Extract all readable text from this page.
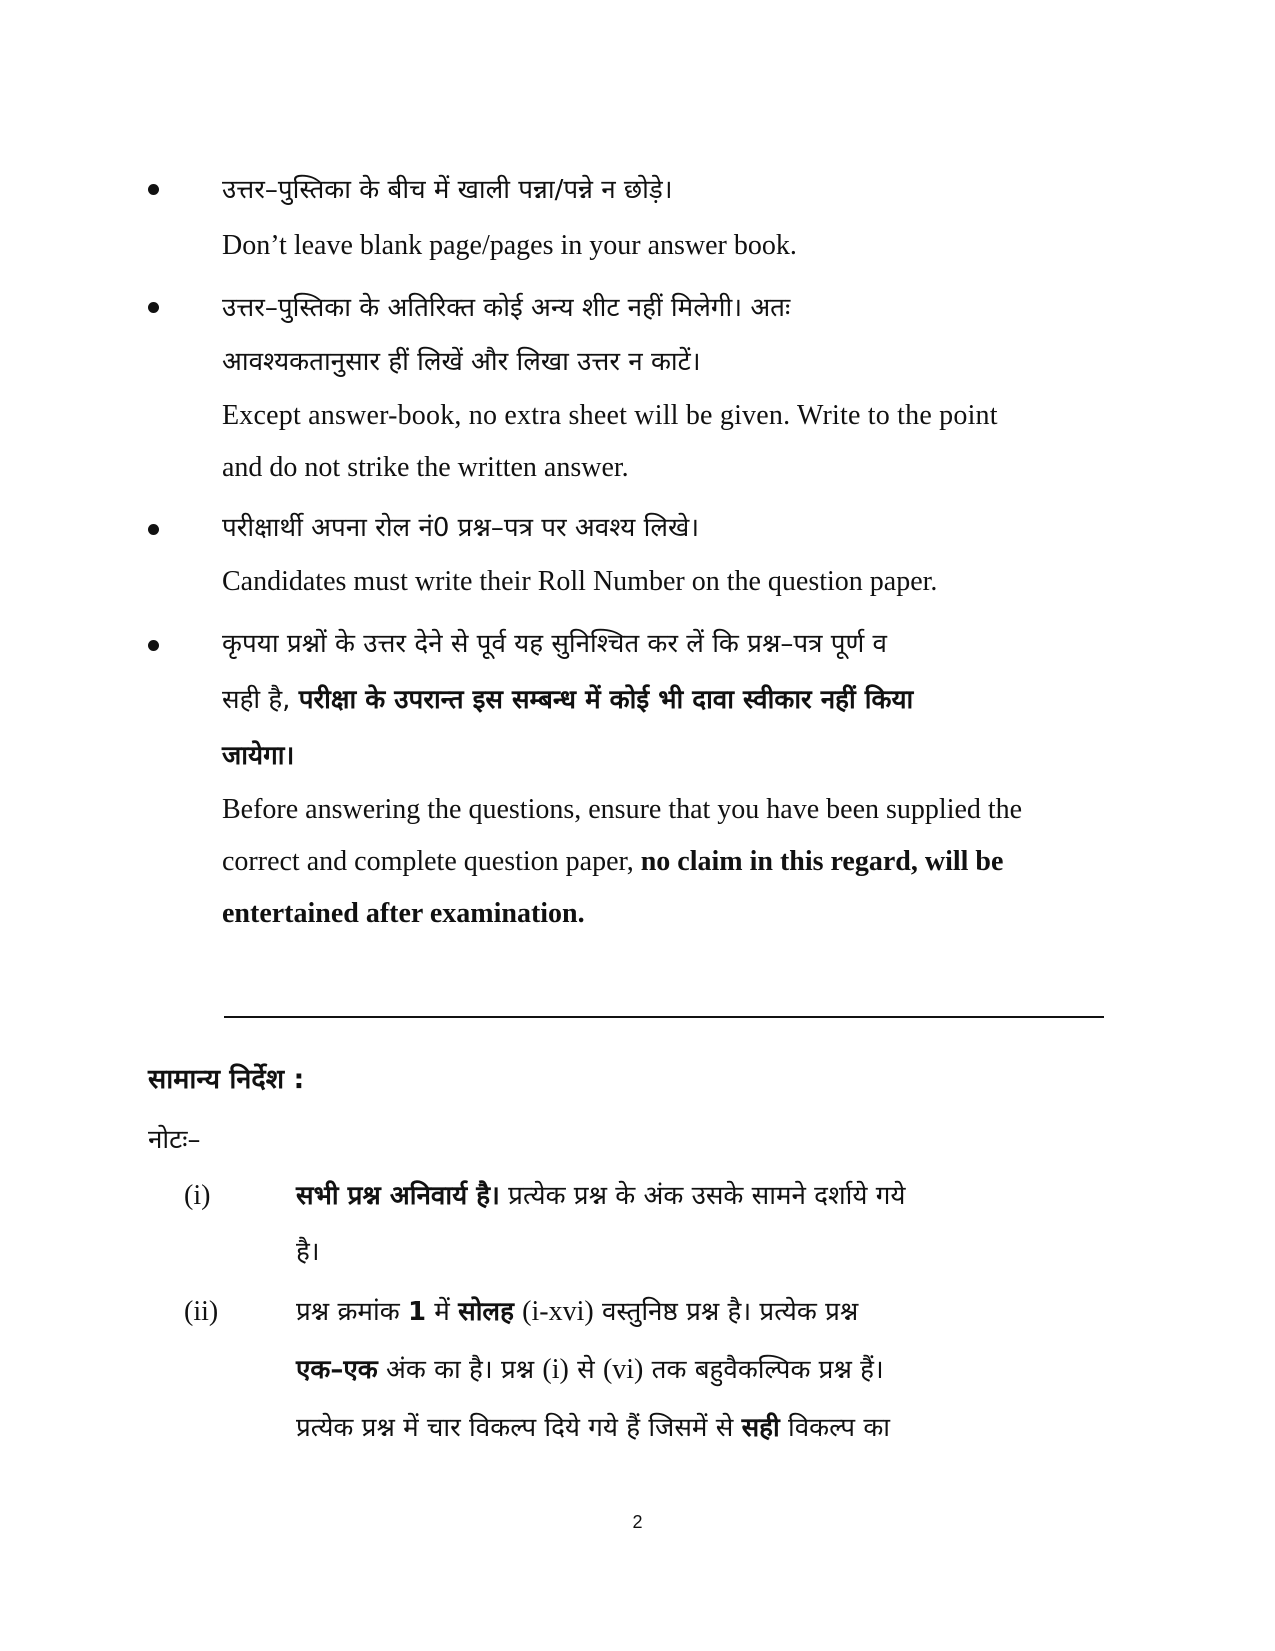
उत्तर–पुस्तिका के बीच में खाली पन्ना/पन्ने न छोड़े।
Don’t leave blank page/pages in your answer book.
उत्तर–पुस्तिका के अतिरिक्त कोई अन्य शीट नहीं मिलेगी। अतः
आवश्यकतानुसार हीं लिखें और लिखा उत्तर न काटें।
Except answer-book, no extra sheet will be given. Write to the point
and do not strike the written answer.
परीक्षार्थी अपना रोल नं0 प्रश्न–पत्र पर अवश्य लिखे।
Candidates must write their Roll Number on the question paper.
कृपया प्रश्नों के उत्तर देने से पूर्व यह सुनिश्चित कर लें कि प्रश्न–पत्र पूर्ण व
सही है, परीक्षा के उपरान्त इस सम्बन्ध में कोई भी दावा स्वीकार नहीं किया
जायेगा।
Before answering the questions, ensure that you have been supplied the
correct and complete question paper, no claim in this regard, will be
entertained after examination.
सामान्य निर्देश :
नोटः–
(i)	सभी प्रश्न अनिवार्य है। प्रत्येक प्रश्न के अंक उसके सामने दर्शाये गये
है।
(ii)	प्रश्न क्रमांक 1 में सोलह (i-xvi) वस्तुनिष्ठ प्रश्न है। प्रत्येक प्रश्न
एक–एक अंक का है। प्रश्न (i) से (vi) तक बहुवैकल्पिक प्रश्न हैं।
प्रत्येक प्रश्न में चार विकल्प दिये गये हैं जिसमें से सही विकल्प का
2
